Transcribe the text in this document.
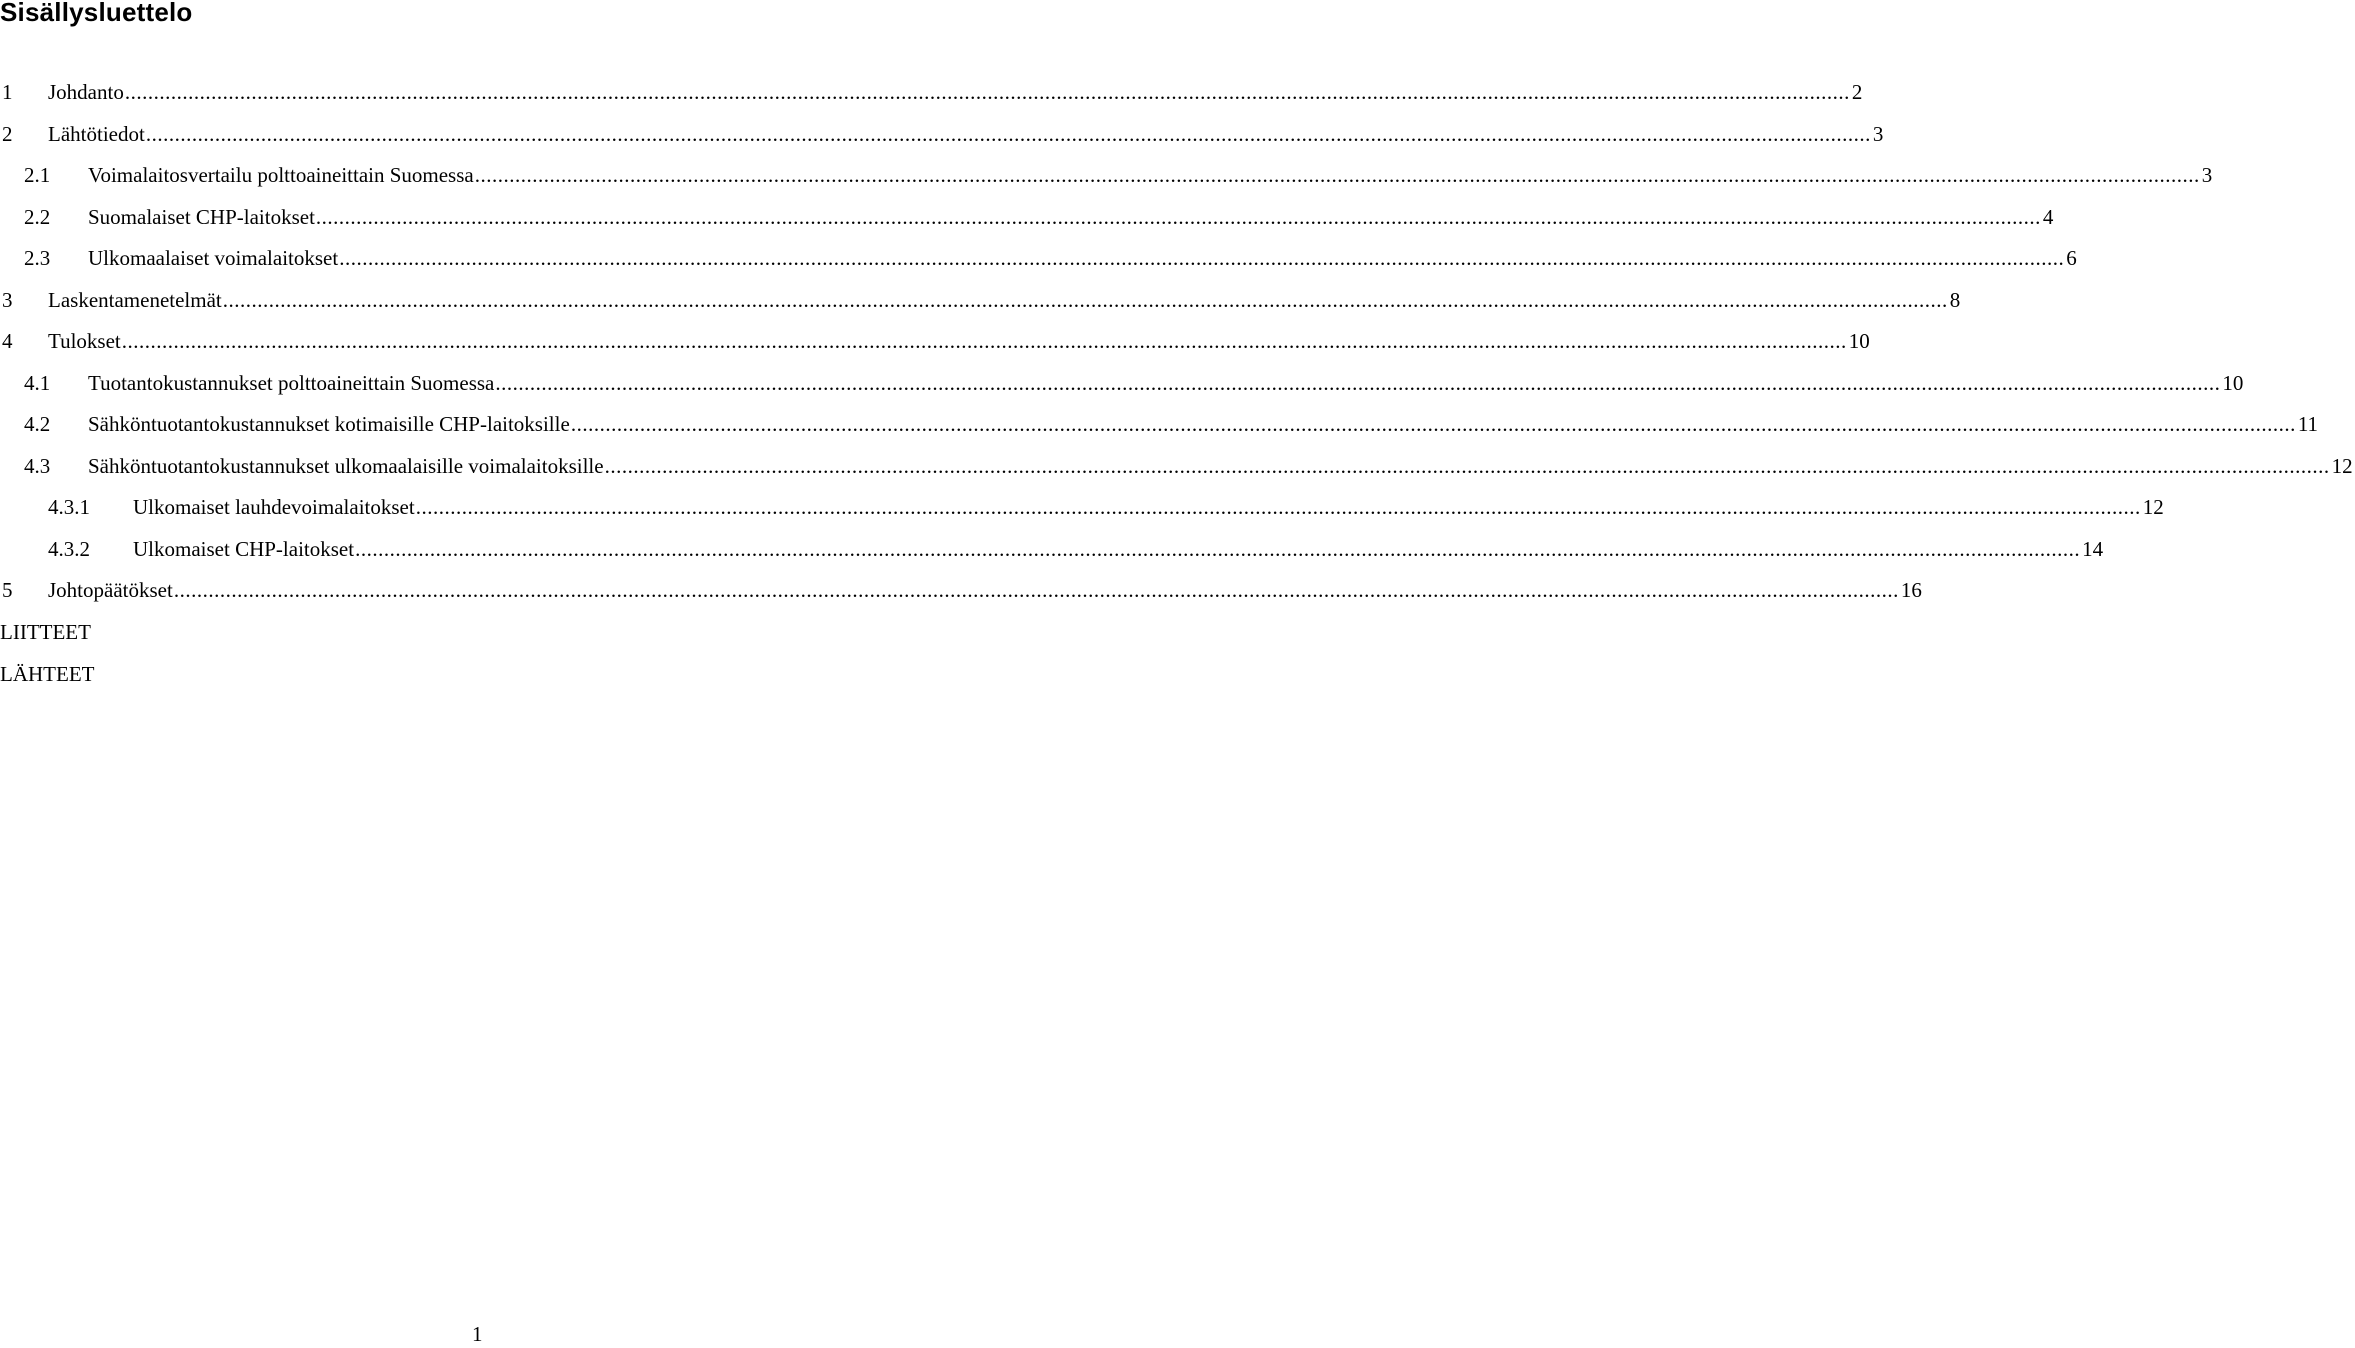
Sisällysluettelo
1	Johdanto ............................................................................................................................................................................................................................................................................................................ 2
2	Lähtötiedot ............................................................................................................................................................................................................................................................................................................ 3
2.1	Voimalaitosvertailu polttoaineittain Suomessa ............................................................................................................................................................................................................................................................................................................ 3
2.2	Suomalaiset CHP-laitokset ............................................................................................................................................................................................................................................................................................................ 4
2.3	Ulkomaalaiset voimalaitokset ............................................................................................................................................................................................................................................................................................................ 6
3	Laskentamenetelmät ............................................................................................................................................................................................................................................................................................................ 8
4	Tulokset ............................................................................................................................................................................................................................................................................................................ 10
4.1	Tuotantokustannukset polttoaineittain Suomessa ............................................................................................................................................................................................................................................................................................................ 10
4.2	Sähköntuotantokustannukset kotimaisille CHP-laitoksille ............................................................................................................................................................................................................................................................................................................ 11
4.3	Sähköntuotantokustannukset ulkomaalaisille voimalaitoksille ............................................................................................................................................................................................................................................................................................................ 12
4.3.1	Ulkomaiset lauhdevoimalaitokset ............................................................................................................................................................................................................................................................................................................ 12
4.3.2	Ulkomaiset CHP-laitokset ............................................................................................................................................................................................................................................................................................................ 14
5	Johtopäätökset ............................................................................................................................................................................................................................................................................................................ 16
LIITTEET
LÄHTEET
1
